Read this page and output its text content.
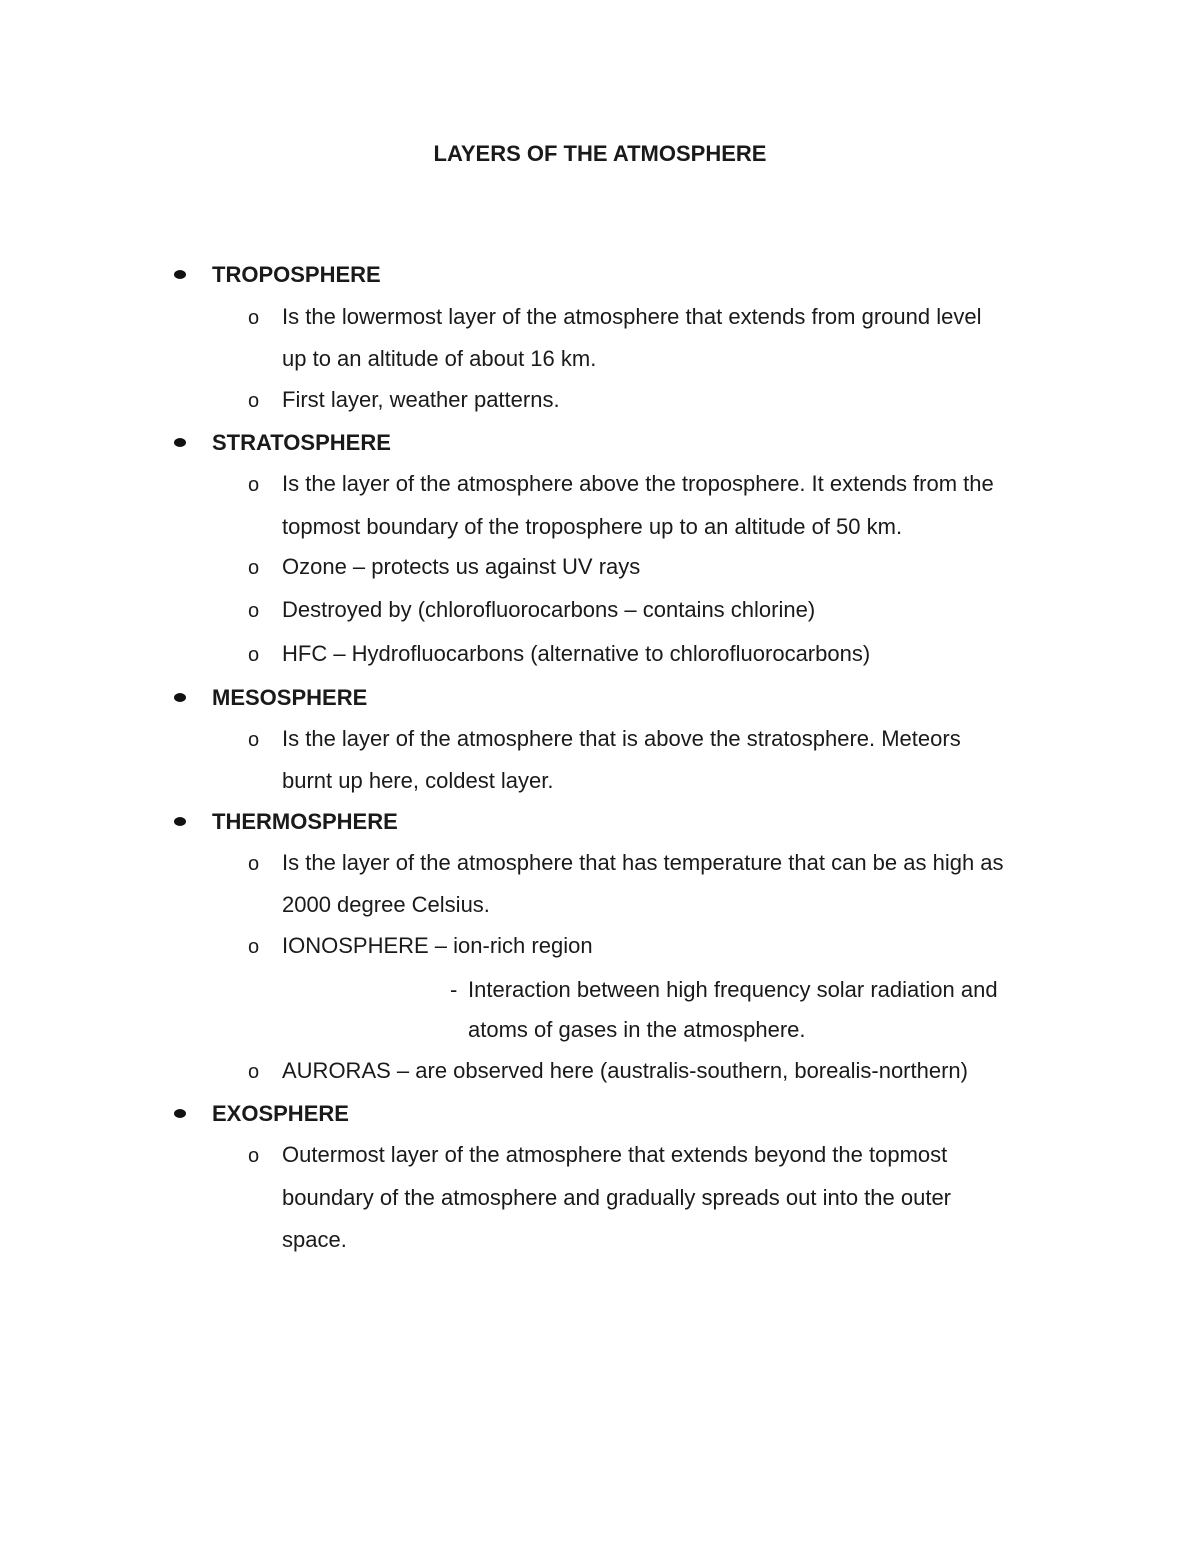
LAYERS OF THE ATMOSPHERE
TROPOSPHERE
o Is the lowermost layer of the atmosphere that extends from ground level
up to an altitude of about 16 km.
o First layer, weather patterns.
STRATOSPHERE
o Is the layer of the atmosphere above the troposphere. It extends from the
topmost boundary of the troposphere up to an altitude of 50 km.
o Ozone – protects us against UV rays
o Destroyed by (chlorofluorocarbons – contains chlorine)
o HFC – Hydrofluocarbons (alternative to chlorofluorocarbons)
MESOSPHERE
o Is the layer of the atmosphere that is above the stratosphere. Meteors
burnt up here, coldest layer.
THERMOSPHERE
o Is the layer of the atmosphere that has temperature that can be as high as
2000 degree Celsius.
o IONOSPHERE – ion-rich region
- Interaction between high frequency solar radiation and
atoms of gases in the atmosphere.
o AURORAS – are observed here (australis-southern, borealis-northern)
EXOSPHERE
o Outermost layer of the atmosphere that extends beyond the topmost
boundary of the atmosphere and gradually spreads out into the outer
space.
